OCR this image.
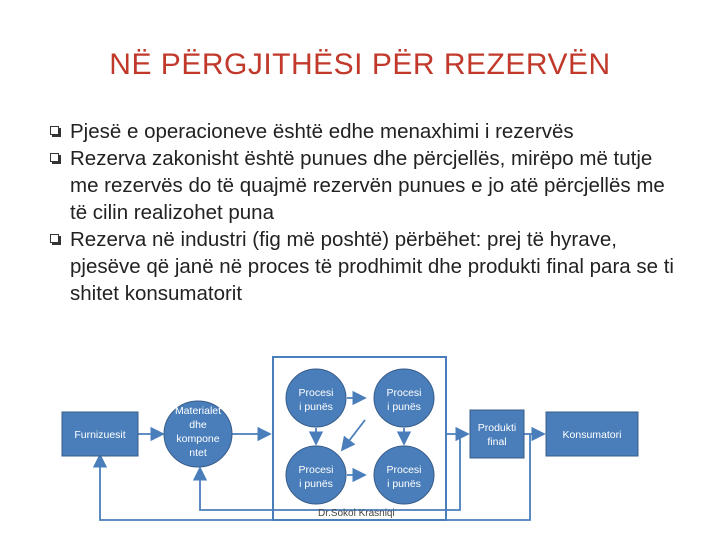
NË PËRGJITHËSI PËR REZERVËN
Pjesë e operacioneve është edhe menaxhimi i rezervës
Rezerva zakonisht është punues dhe përcjellës, mirëpo më tutje me rezervës do të quajmë rezervën punues e jo atë përcjellës me të cilin realizohet puna
Rezerva në industri (fig më poshtë) përbëhet: prej të hyrave, pjesëve që janë në proces të prodhimit dhe produkti final para se ti shitet konsumatorit
Furnizuesit
Materialet
dhe
kompone
ntet
Procesi
i punës
Procesi
i punës
Procesi
i punës
Procesi
i punës
Produkti
final
Konsumatori
Dr.Sokol Krasniqi
